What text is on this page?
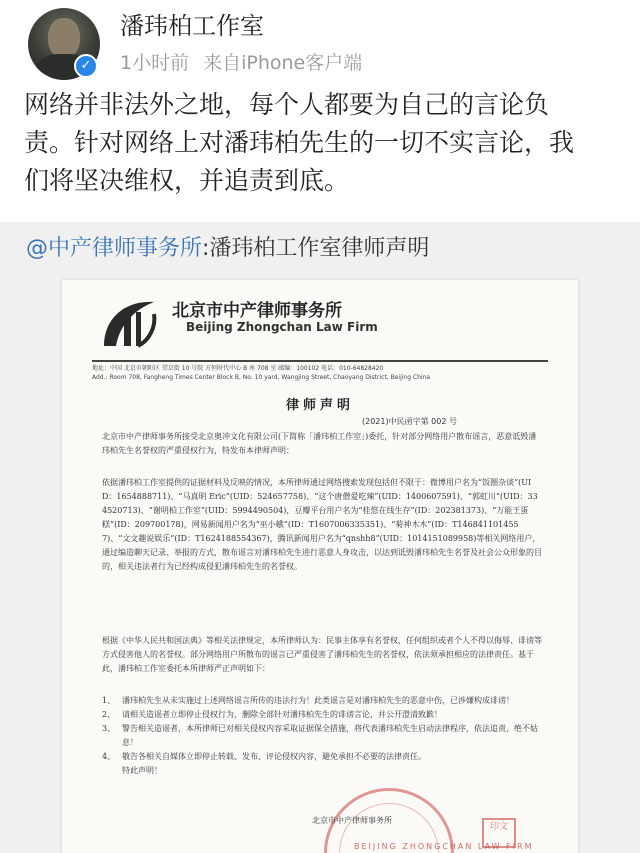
✓
潘玮柏工作室
1小时前 来自iPhone客户端
网络并非法外之地，每个人都要为自己的言论负
责。针对网络上对潘玮柏先生的一切不实言论，我
们将坚决维权，并追责到底。
@中产律师事务所:潘玮柏工作室律师声明
北京市中产律师事务所
Beijing Zhongchan Law Firm
地址：中国 北京市朝阳区 望京街 10 号院 方恒时代中心 B 座 708 室 邮编：100102 电话：010-64828420
Add.: Room 708, Fangheng Times Center Block B, No. 10 yard, Wangjing Street, Chaoyang District, Beijing China
律师声明
(2021)中民函字第 002 号
北京市中产律师事务所接受北京奥冲文化有限公司(下简称「潘玮柏工作室」)委托，针对部分网络用户散布谣言，恶意诋毁潘玮柏先生名誉权的严重侵权行为，特发布本律师声明：
依据潘玮柏工作室提供的证据材料及反映的情况，本所律师通过网络搜索发现包括但不限于：微博用户名为“饭圈杂谈”(UID：1654888711)、“马真明 Eric”(UID：524657758)、“这个唐僧爱吃辣”(UID：1400607591)、“郭虹川”(UID：334520713)、“谢明柏工作室”(UID：5994490504)，豆瓣平台用户名为“桂悠在线生存”(ID：202381373)、“万能王蛋糕”(ID：209700178)，网易新闻用户名为“巫小蛾”(ID：T1607006335351)、“菊神木木”(ID：T1468411014557)、“文文趣说娱乐”(ID：T1624188554367)，腾讯新闻用户名为“qnshh8”(UID：1014151089958)等相关网络用户，通过编造聊天记录、举报的方式，散布谣言对潘玮柏先生进行恶意人身攻击，以达到诋毁潘玮柏先生名誉及社会公众形象的目的，相关违法者行为已经构成侵犯潘玮柏先生的名誉权。
根据《中华人民共和国法典》等相关法律规定，本所律师认为：民事主体享有名誉权，任何组织或者个人不得以侮辱、诽谤等方式侵害他人的名誉权。部分网络用户所散布的谣言已严重侵害了潘玮柏先生的名誉权，依法须承担相应的法律责任。基于此，潘玮柏工作室委托本所律师严正声明如下：
1、 潘玮柏先生从未实施过上述网络谣言所传的违法行为！此类谣言是对潘玮柏先生的恶意中伤，已涉嫌构成诽谤！
2、 请相关造谣者立即停止侵权行为，删除全部针对潘玮柏先生的诽谤言论，并公开澄清致歉！
3、 警告相关造谣者，本所律师已对相关侵权内容采取证据保全措施，将代表潘玮柏先生启动法律程序，依法追责，绝不姑息！
4、 敬告各相关自媒体立即停止转载、发布、评论侵权内容，避免承担不必要的法律责任。
特此声明！
BEIJING ZHONGCHAN LAW FIRM
北京市中产律师事务所
印文
